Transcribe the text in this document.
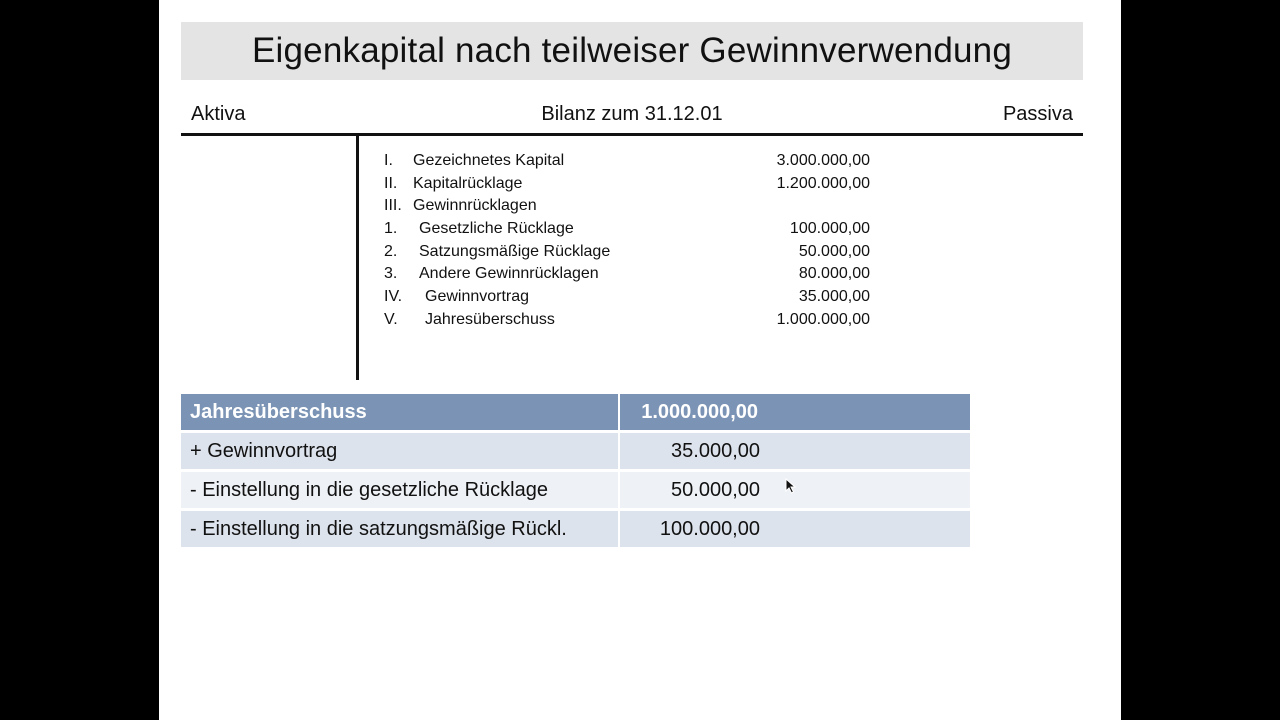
Eigenkapital nach teilweiser Gewinnverwendung
Aktiva	Bilanz zum 31.12.01	Passiva
I. Gezeichnetes Kapital	3.000.000,00
II. Kapitalrücklage	1.200.000,00
III. Gewinnrücklagen
1. Gesetzliche Rücklage	100.000,00
2. Satzungsmäßige Rücklage	50.000,00
3. Andere Gewinnrücklagen	80.000,00
IV. Gewinnvortrag	35.000,00
V. Jahresüberschuss	1.000.000,00
Jahresüberschuss	1.000.000,00
+ Gewinnvortrag	35.000,00
- Einstellung in die gesetzliche Rücklage	50.000,00
- Einstellung in die satzungsmäßige Rückl.	100.000,00
